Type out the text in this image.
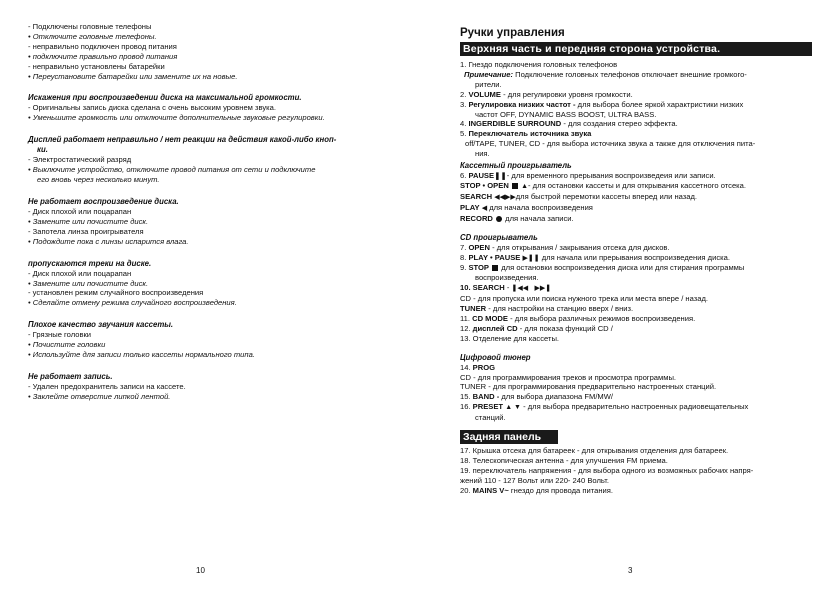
- Подключены головные телефоны
• Отключите головные телефоны.
- неправильно подключен провод питания
• подключите правильно провод питания
- неправильно установлены батарейки
• Переустановите батарейки или замените их на новые.
Искажения при воспроизведении диска на максимальной громкости.
- Оригинальны запись диска сделана с очень высоким уровнем звука.
• Уменьшите громкость или отключите дополнительные звуковые регулировки.
Дисплей работает неправильно / нет реакции на действия какой-либо кноп-
ки.
- Электростатический разряд
• Выключите устройство, отключите провод питания от сети и подключите
его вновь через несколько минут.
Не работает воспроизведение диска.
- Диск плохой или поцарапан
• Замените или почистите диск.
- Запотела линза проигрывателя
• Подождите пока с линзы испарится влага.
пропускаются треки на диске.
- Диск плохой или поцарапан
• Замените или почистите диск.
- установлен режим случайного воспроизведения
• Сделайте отмену режима случайного воспроизведения.
Плохое качество звучания кассеты.
- Грязные головки
• Почистите головки
• Используйте для записи только кассеты нормального типа.
Не работает запись.
- Удален предохранитель записи на кассете.
• Заклейте отверстие липкой лентой.
10
Ручки управления
Верхняя часть и передняя сторона устройства.
1. Гнездо подключения головных телефонов
Примечание: Подключение головных телефонов отключает внешние громкого-
рители.
2. VOLUME - для регулировки уровня громкости.
3. Регулировка низких частот - для выбора более яркой характристики низких
частот OFF, DYNAMIC BASS BOOST, ULTRA BASS.
4. INGERDIBLE SURROUND - для создания стерео эффекта.
5. Переключатель источника звука
off/TAPE, TUNER, CD - для выбора источника звука а также для отключения пита-
ния.
Кассетный проигрыватель
6. PAUSE❚❚- для временного прерывания воспроизведеия или записи.
STOP • OPEN ▲- для остановки кассеты и для открывания кассетного отсека.
SEARCH ◀◀▶▶для быстрой перемотки кассеты вперед или назад.
PLAY ◀ для начала воспроизведения
RECORD  для начала записи.
CD проигрыватель
7. OPEN - для открывания / закрывания отсека для дисков.
8. PLAY • PAUSE ▶❚❚ для начала или прерывания воспроизведения диска.
9. STOP  для остановки воспроизведения диска или для стирания программы
воспроизведения.
10. SEARCH - ❚◀◀ ▶▶❚
CD - для пропуска или поиска нужного трека или места впере / назад.
TUNER - для настройки на станцию вверх / вниз.
11. CD MODE - для выбора различных режимов воспроизведения.
12. дисплей CD - для показа функций CD /
13. Отделение для кассеты.
Цифровой тюнер
14. PROG
CD - для программирования треков и просмотра программы.
TUNER - для программирования предварительно настроенных станций.
15. BAND - для выбора диапазона FM/MW/
16. PRESET ▲ ▼ - для выбора предварительно настроенных радиовещательных
станций.
Задняя панель
17. Крышка отсека для батареек - для открывания отделения для батареек.
18. Телескопическая антенна - для улучшения FM приема.
19. переключатель напряжения - для выбора одного из возможных рабочих напря-
жений 110 - 127 Вольт или 220- 240 Вольт.
20. MAINS V~ гнездо для провода питания.
3
